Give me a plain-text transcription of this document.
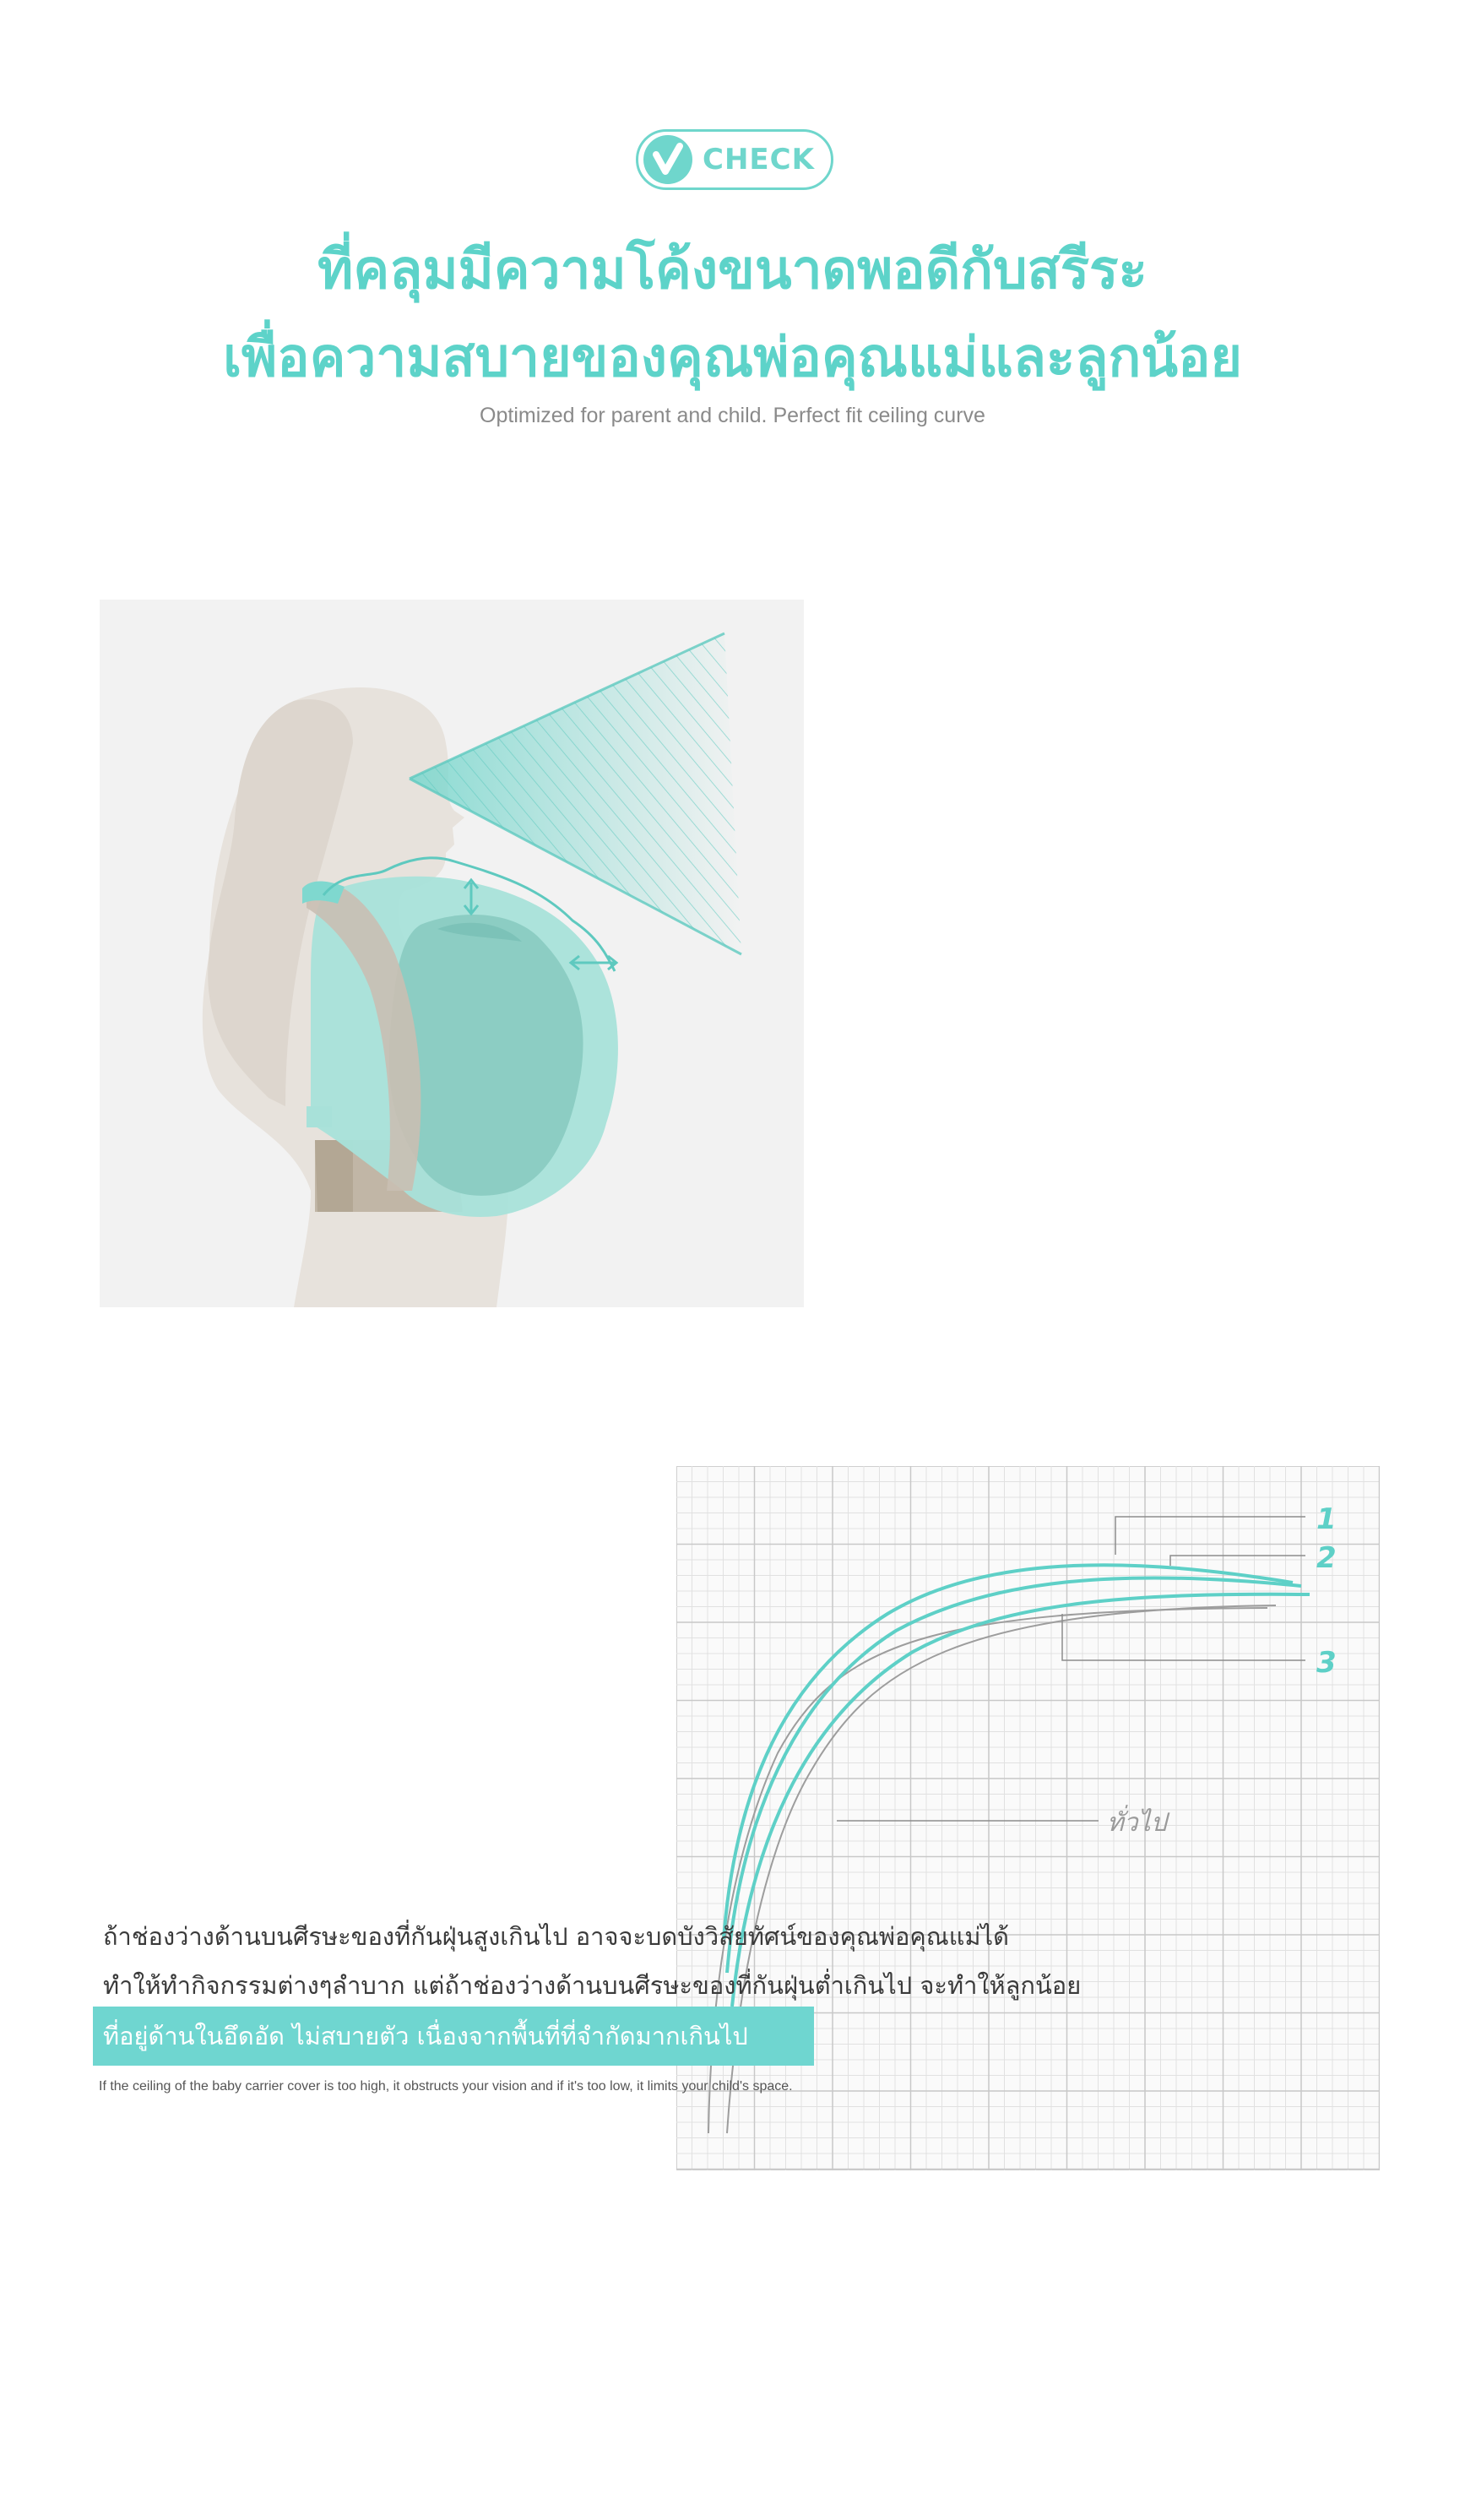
CHECK
ที่คลุมมีความโค้งขนาดพอดีกับสรีระ
เพื่อความสบายของคุณพ่อคุณแม่และลูกน้อย
Optimized for parent and child. Perfect fit ceiling curve
1
2
3
ทั่วไป

ถ้าช่องว่างด้านบนศีรษะของที่กันฝุ่นสูงเกินไป อาจจะบดบังวิสัยทัศน์ของคุณพ่อคุณแม่ได้

ทำให้ทำกิจกรรมต่างๆลำบาก แต่ถ้าช่องว่างด้านบนศีรษะของที่กันฝุ่นต่ำเกินไป จะทำให้ลูกน้อย

ที่อยู่ด้านในอึดอัด ไม่สบายตัว เนื่องจากพื้นที่ที่จำกัดมากเกินไป
If the ceiling of the baby carrier cover is too high, it obstructs your vision and if it's too low, it limits your child's space.
